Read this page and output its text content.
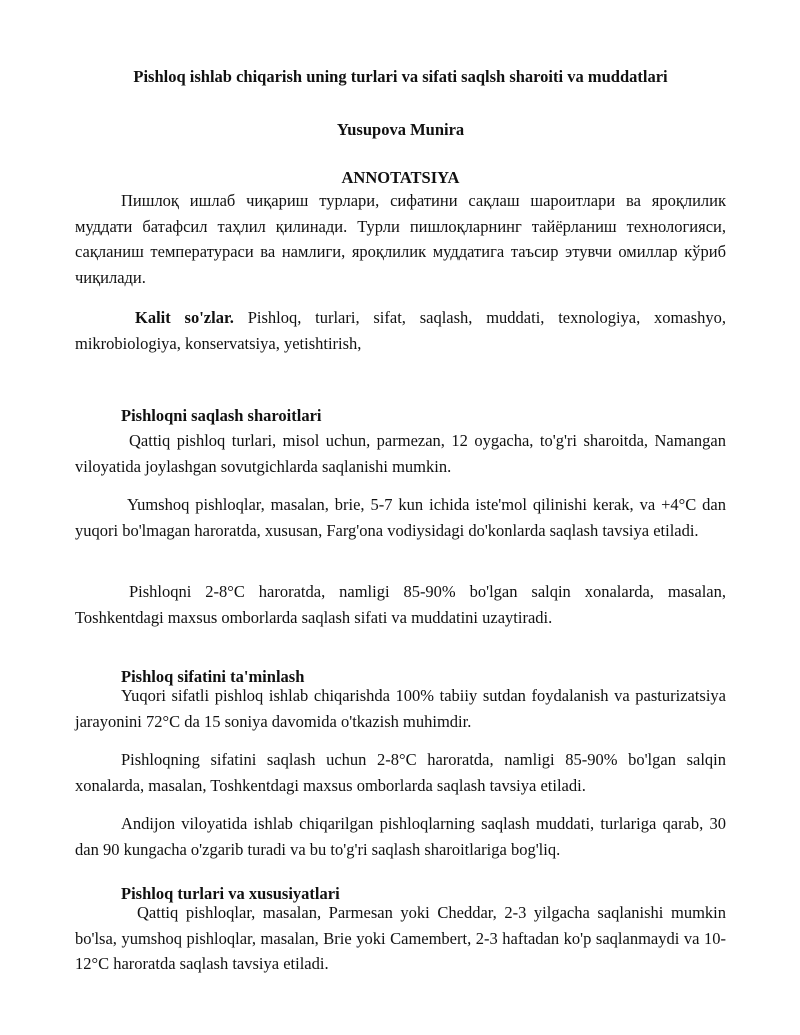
Pishloq ishlab chiqarish uning turlari va sifati saqlsh sharoiti va muddatlari
Yusupova Munira
ANNOTATSIYA

Пишлоқ ишлаб чиқариш турлари, сифатини сақлаш шароитлари ва яроқлилик муддати батафсил таҳлил қилинади. Турли пишлоқларнинг тайёрланиш технологияси, сақланиш температураси ва намлиги, яроқлилик муддатига таъсир этувчи омиллар кўриб чиқилади.

Kalit so'zlar. Pishloq, turlari, sifat, saqlash, muddati, texnologiya, xomashyo, mikrobiologiya, konservatsiya, yetishtirish,

Pishloqni saqlash sharoitlari

Qattiq pishloq turlari, misol uchun, parmezan, 12 oygacha, to'g'ri sharoitda, Namangan viloyatida joylashgan sovutgichlarda saqlanishi mumkin.

Yumshoq pishloqlar, masalan, brie, 5-7 kun ichida iste'mol qilinishi kerak, va +4°C dan yuqori bo'lmagan haroratda, xususan, Farg'ona vodiysidagi do'konlarda saqlash tavsiya etiladi.

Pishloqni 2-8°C haroratda, namligi 85-90% bo'lgan salqin xonalarda, masalan, Toshkentdagi maxsus omborlarda saqlash sifati va muddatini uzaytiradi.

Pishloq sifatini ta'minlash

Yuqori sifatli pishloq ishlab chiqarishda 100% tabiiy sutdan foydalanish va pasturizatsiya jarayonini 72°C da 15 soniya davomida o'tkazish muhimdir.

Pishloqning sifatini saqlash uchun 2-8°C haroratda, namligi 85-90% bo'lgan salqin xonalarda, masalan, Toshkentdagi maxsus omborlarda saqlash tavsiya etiladi.

Andijon viloyatida ishlab chiqarilgan pishloqlarning saqlash muddati, turlariga qarab, 30 dan 90 kungacha o'zgarib turadi va bu to'g'ri saqlash sharoitlariga bog'liq.

Pishloq turlari va xususiyatlari

Qattiq pishloqlar, masalan, Parmesan yoki Cheddar, 2-3 yilgacha saqlanishi mumkin bo'lsa, yumshoq pishloqlar, masalan, Brie yoki Camembert, 2-3 haftadan ko'p saqlanmaydi va 10-12°C haroratda saqlash tavsiya etiladi.
